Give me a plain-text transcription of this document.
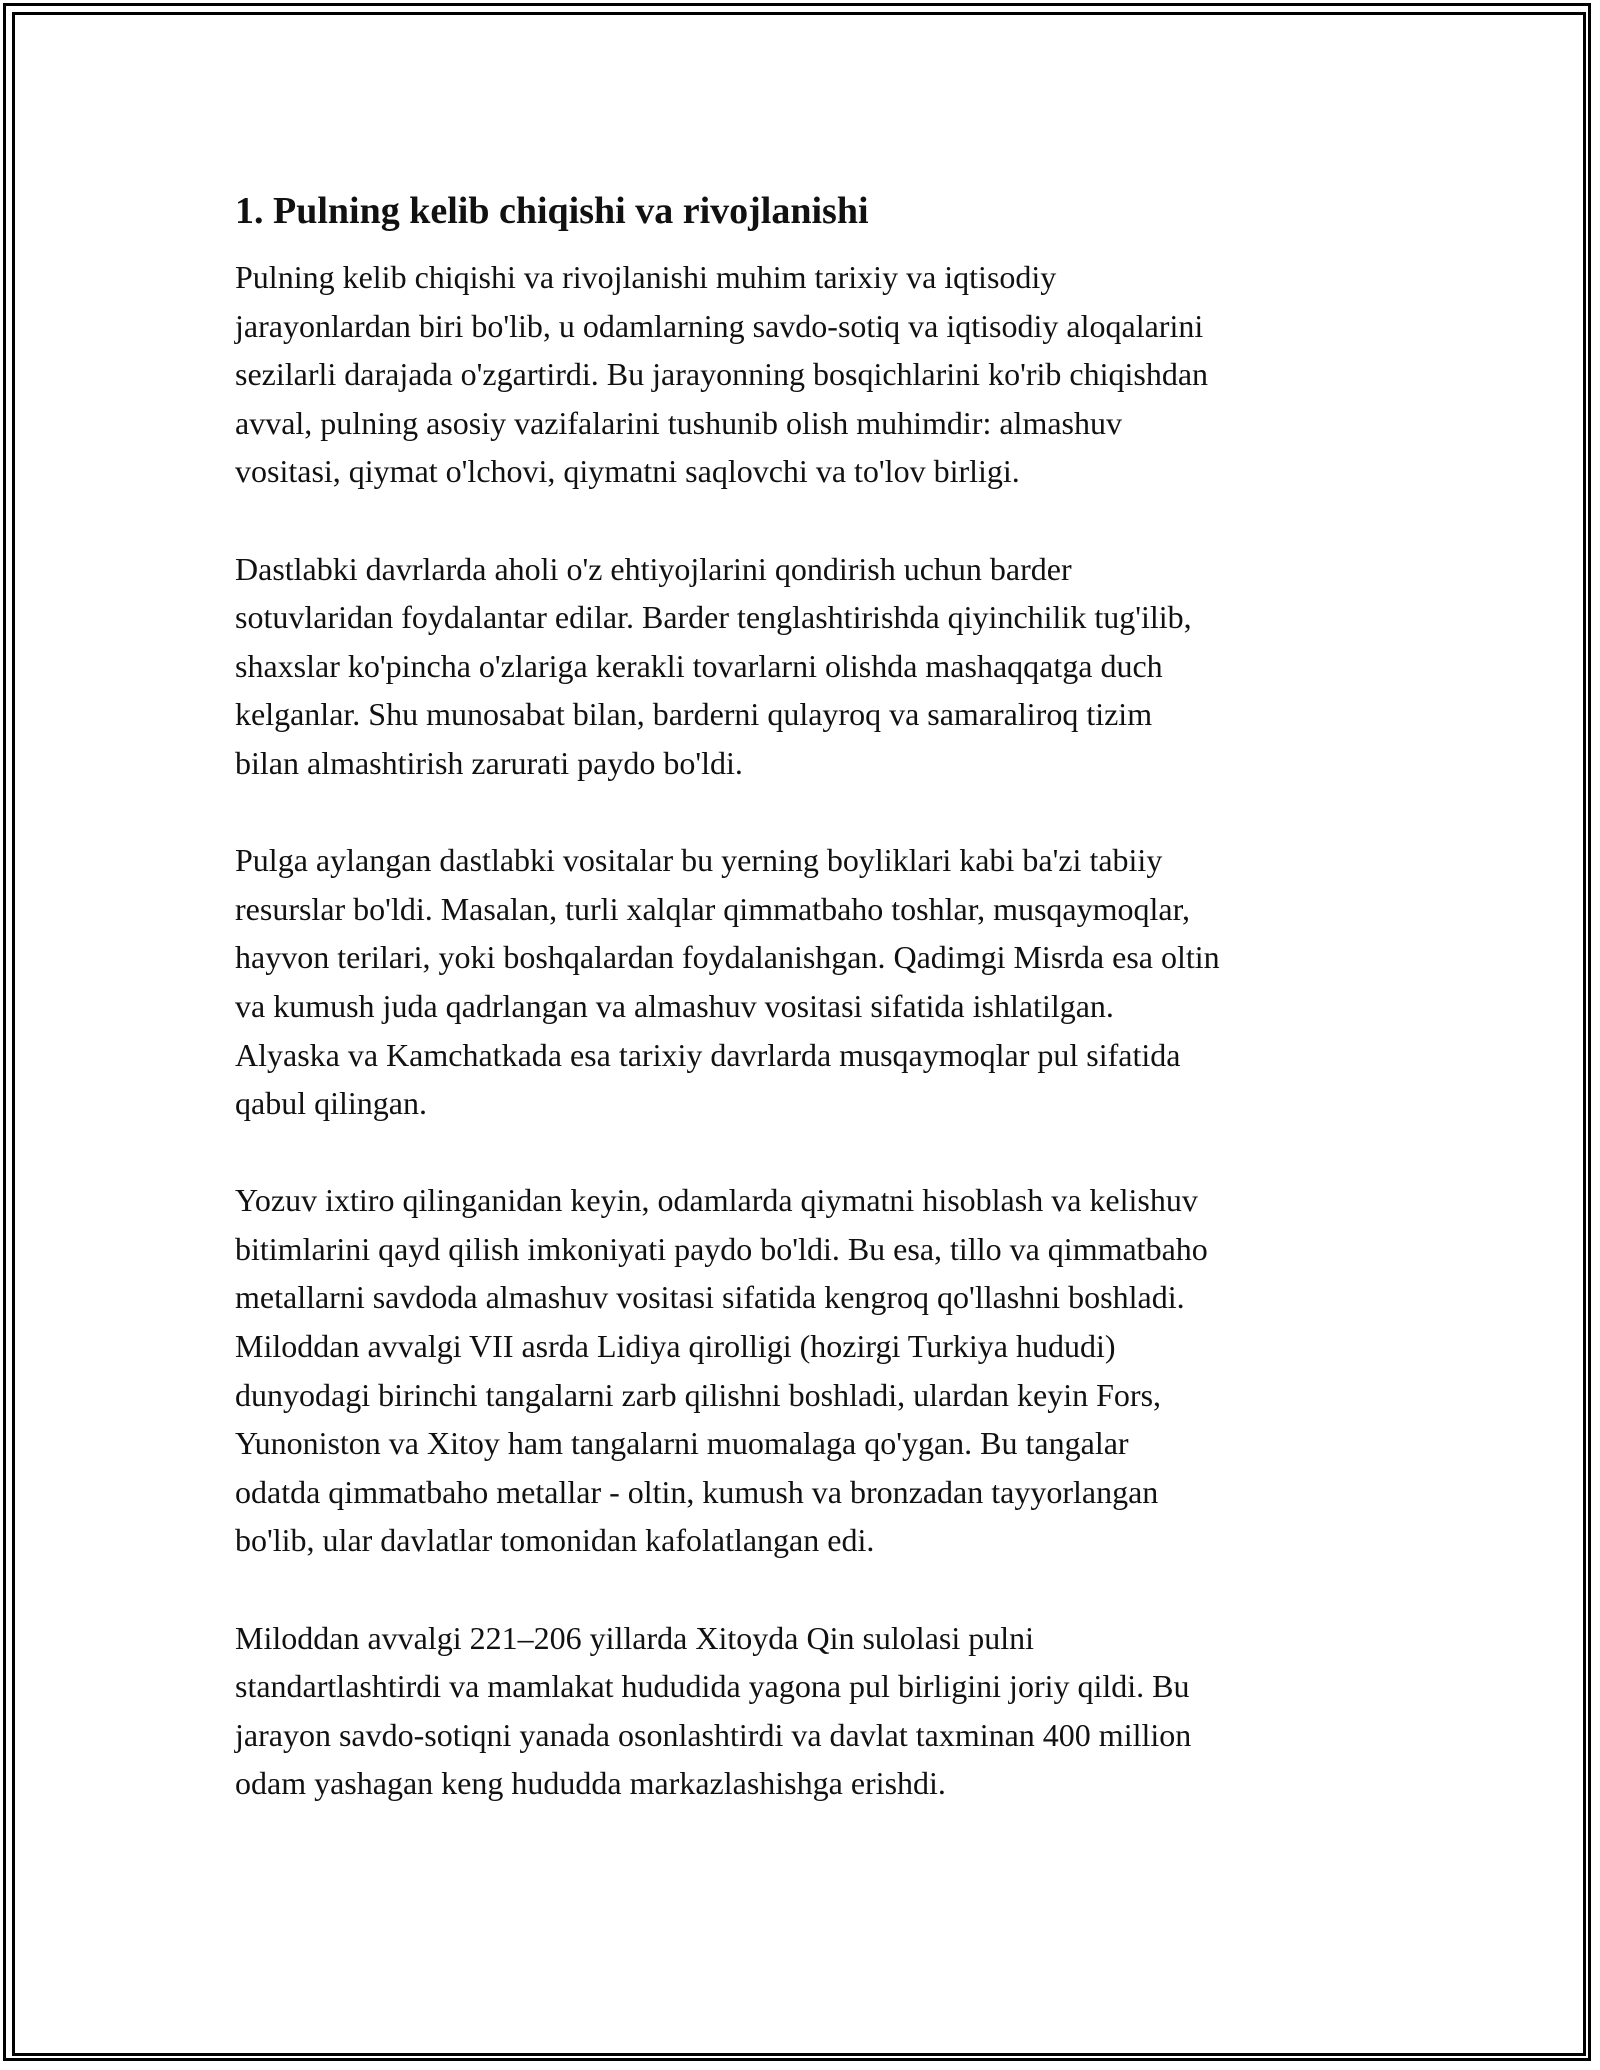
1. Pulning kelib chiqishi va rivojlanishi

Pulning kelib chiqishi va rivojlanishi muhim tarixiy va iqtisodiy
jarayonlardan biri bo'lib, u odamlarning savdo-sotiq va iqtisodiy aloqalarini
sezilarli darajada o'zgartirdi. Bu jarayonning bosqichlarini ko'rib chiqishdan
avval, pulning asosiy vazifalarini tushunib olish muhimdir: almashuv
vositasi, qiymat o'lchovi, qiymatni saqlovchi va to'lov birligi.

Dastlabki davrlarda aholi o'z ehtiyojlarini qondirish uchun barder
sotuvlaridan foydalantar edilar. Barder tenglashtirishda qiyinchilik tug'ilib,
shaxslar ko'pincha o'zlariga kerakli tovarlarni olishda mashaqqatga duch
kelganlar. Shu munosabat bilan, barderni qulayroq va samaraliroq tizim
bilan almashtirish zarurati paydo bo'ldi.

Pulga aylangan dastlabki vositalar bu yerning boyliklari kabi ba'zi tabiiy
resurslar bo'ldi. Masalan, turli xalqlar qimmatbaho toshlar, musqaymoqlar,
hayvon terilari, yoki boshqalardan foydalanishgan. Qadimgi Misrda esa oltin
va kumush juda qadrlangan va almashuv vositasi sifatida ishlatilgan.
Alyaska va Kamchatkada esa tarixiy davrlarda musqaymoqlar pul sifatida
qabul qilingan.

Yozuv ixtiro qilinganidan keyin, odamlarda qiymatni hisoblash va kelishuv
bitimlarini qayd qilish imkoniyati paydo bo'ldi. Bu esa, tillo va qimmatbaho
metallarni savdoda almashuv vositasi sifatida kengroq qo'llashni boshladi.
Miloddan avvalgi VII asrda Lidiya qirolligi (hozirgi Turkiya hududi)
dunyodagi birinchi tangalarni zarb qilishni boshladi, ulardan keyin Fors,
Yunoniston va Xitoy ham tangalarni muomalaga qo'ygan. Bu tangalar
odatda qimmatbaho metallar - oltin, kumush va bronzadan tayyorlangan
bo'lib, ular davlatlar tomonidan kafolatlangan edi.

Miloddan avvalgi 221–206 yillarda Xitoyda Qin sulolasi pulni
standartlashtirdi va mamlakat hududida yagona pul birligini joriy qildi. Bu
jarayon savdo-sotiqni yanada osonlashtirdi va davlat taxminan 400 million
odam yashagan keng hududda markazlashishga erishdi.
